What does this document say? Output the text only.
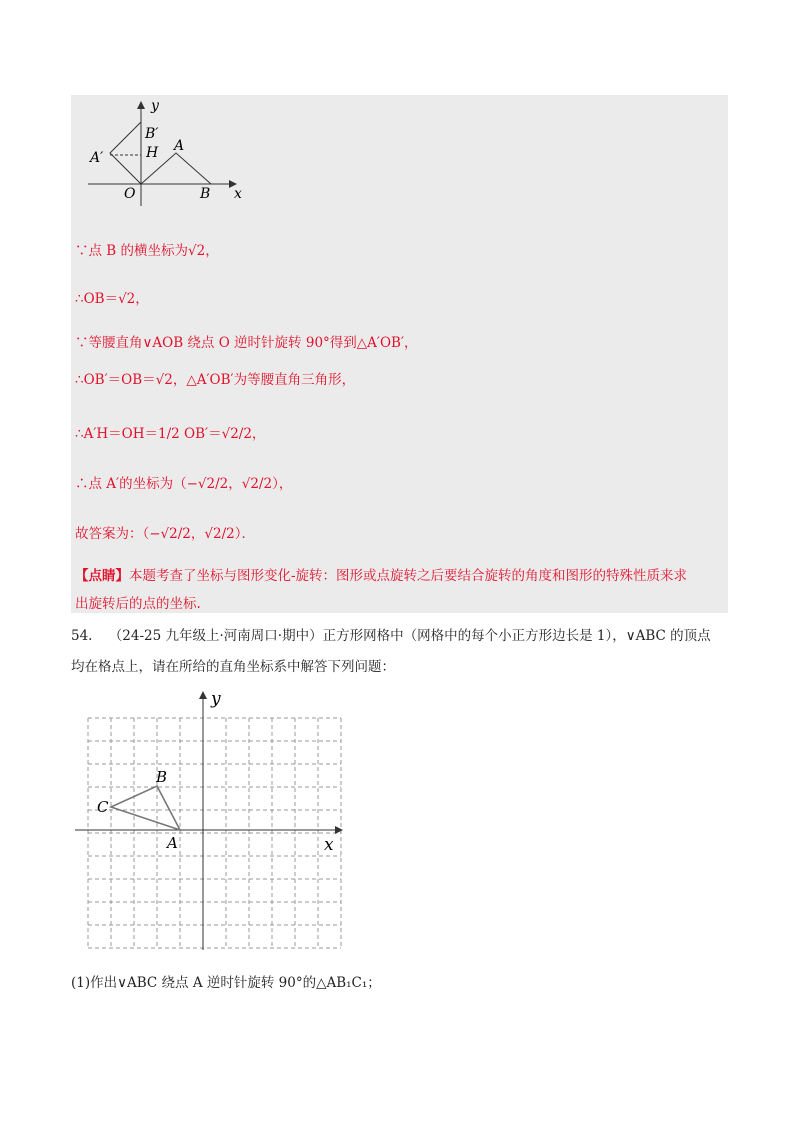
y
B′
H A
A′
O	B x
∵点 B 的横坐标为√2，
∴OB＝√2，
∵等腰直角∨AOB 绕点 O 逆时针旋转 90°得到△A′OB′，
∴OB′＝OB＝√2，△A′OB′为等腰直角三角形，
∴A′H＝OH＝1/2 OB′＝√2/2，
∴点 A′的坐标为（−√2/2，√2/2），
故答案为：（−√2/2，√2/2）．
【点睛】本题考查了坐标与图形变化-旋转：图形或点旋转之后要结合旋转的角度和图形的特殊性质来求
出旋转后的点的坐标.
54. （24-25 九年级上·河南周口·期中）正方形网格中（网格中的每个小正方形边长是 1），∨ABC 的顶点
均在格点上，请在所给的直角坐标系中解答下列问题：
y
B
C
A	x
(1)作出∨ABC 绕点 A 逆时针旋转 90°的△AB₁C₁；
